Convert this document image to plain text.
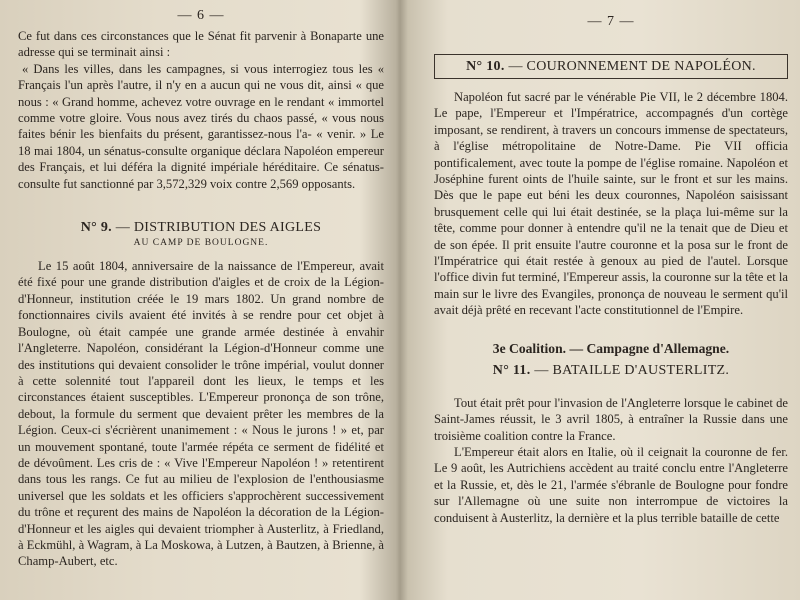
— 6 —

Ce fut dans ces circonstances que le Sénat fit parvenir à Bonaparte une adresse qui se terminait ainsi :

« Dans les villes, dans les campagnes, si vous interrogiez tous les « Français l'un après l'autre, il n'y en a aucun qui ne vous dit, ainsi « que nous : « Grand homme, achevez votre ouvrage en le rendant « immortel comme votre gloire. Vous nous avez tirés du chaos passé, « vous nous faites bénir les bienfaits du présent, garantissez-nous l'a- « venir. » Le 18 mai 1804, un sénatus-consulte organique déclara Napoléon empereur des Français, et lui déféra la dignité impériale héréditaire. Ce sénatus-consulte fut sanctionné par 3,572,329 voix contre 2,569 opposants.

N° 9. — DISTRIBUTION DES AIGLES
AU CAMP DE BOULOGNE.

Le 15 août 1804, anniversaire de la naissance de l'Empereur, avait été fixé pour une grande distribution d'aigles et de croix de la Légion-d'Honneur, institution créée le 19 mars 1802. Un grand nombre de fonctionnaires civils avaient été invités à se rendre pour cet objet à Boulogne, où était campée une grande armée destinée à envahir l'Angleterre. Napoléon, considérant la Légion-d'Honneur comme une des institutions qui devaient consolider le trône impérial, voulut donner à cette solennité tout l'appareil dont les lieux, le temps et les circonstances étaient susceptibles. L'Empereur prononça de son trône, debout, la formule du serment que devaient prêter les membres de la Légion. Ceux-ci s'écrièrent unanimement : « Nous le jurons ! » et, par un mouvement spontané, toute l'armée répéta ce serment de fidélité et de dévoûment. Les cris de : « Vive l'Empereur Napoléon ! » retentirent dans tous les rangs. Ce fut au milieu de l'explosion de l'enthousiasme universel que les soldats et les officiers s'approchèrent successivement du trône et reçurent des mains de Napoléon la décoration de la Légion-d'Honneur et les aigles qui devaient triompher à Austerlitz, à Friedland, à Eckmühl, à Wagram, à La Moskowa, à Lutzen, à Bautzen, à Brienne, à Champ-Aubert, etc.

— 7 —
N° 10. — COURONNEMENT DE NAPOLÉON.

Napoléon fut sacré par le vénérable Pie VII, le 2 décembre 1804. Le pape, l'Empereur et l'Impératrice, accompagnés d'un cortège imposant, se rendirent, à travers un concours immense de spectateurs, à l'église métropolitaine de Notre-Dame. Pie VII officia pontificalement, avec toute la pompe de l'église romaine. Napoléon et Joséphine furent oints de l'huile sainte, sur le front et sur les mains. Dès que le pape eut béni les deux couronnes, Napoléon saisissant brusquement celle qui lui était destinée, se la plaça lui-même sur la tête, comme pour donner à entendre qu'il ne la tenait que de Dieu et de son épée. Il prit ensuite l'autre couronne et la posa sur le front de l'Impératrice qui était restée à genoux au pied de l'autel. Lorsque l'office divin fut terminé, l'Empereur assis, la couronne sur la tête et la main sur le livre des Evangiles, prononça de nouveau le serment qu'il avait déjà prêté en recevant l'acte constitutionnel de l'Empire.

3e Coalition. — Campagne d'Allemagne.
N° 11. — BATAILLE D'AUSTERLITZ.

Tout était prêt pour l'invasion de l'Angleterre lorsque le cabinet de Saint-James réussit, le 3 avril 1805, à entraîner la Russie dans une troisième coalition contre la France.

L'Empereur était alors en Italie, où il ceignait la couronne de fer. Le 9 août, les Autrichiens accèdent au traité conclu entre l'Angleterre et la Russie, et, dès le 21, l'armée s'ébranle de Boulogne pour fondre sur l'Allemagne où une suite non interrompue de victoires la conduisent à Austerlitz, la dernière et la plus terrible bataille de cette
